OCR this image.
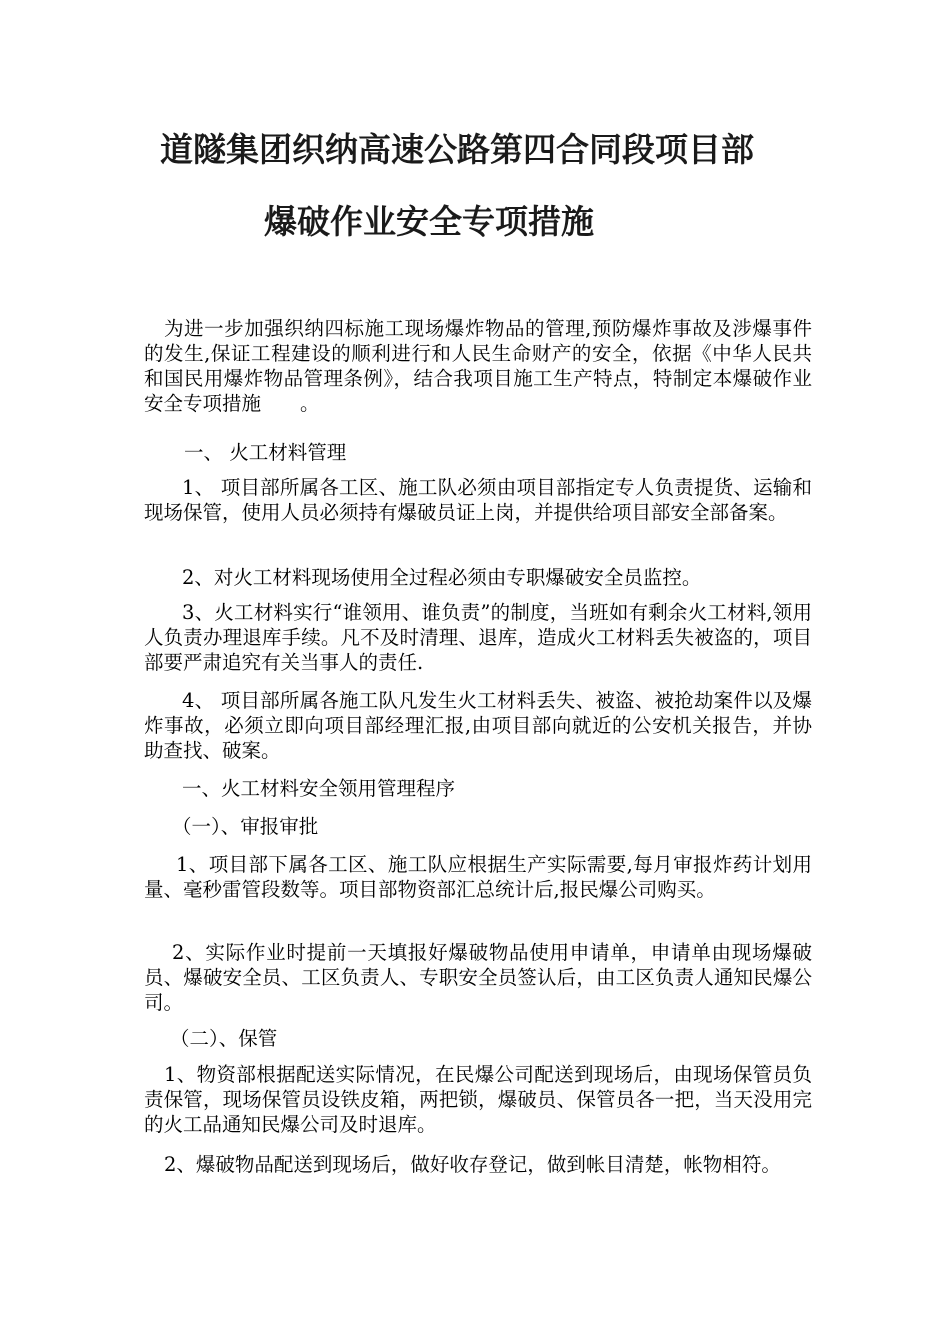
道隧集团织纳高速公路第四合同段项目部
爆破作业安全专项措施

为进一步加强织纳四标施工现场爆炸物品的管理,预防爆炸事故及涉爆事件的发生,保证工程建设的顺利进行和人民生命财产的安全，依据《中华人民共和国民用爆炸物品管理条例》，结合我项目施工生产特点，特制定本爆破作业安全专项措施　　。

一、 火工材料管理

1、 项目部所属各工区、施工队必须由项目部指定专人负责提货、运输和现场保管，使用人员必须持有爆破员证上岗，并提供给项目部安全部备案。

2、对火工材料现场使用全过程必须由专职爆破安全员监控。

3、火工材料实行“谁领用、谁负责”的制度，当班如有剩余火工材料,领用人负责办理退库手续。凡不及时清理、退库，造成火工材料丢失被盗的，项目部要严肃追究有关当事人的责任.

4、 项目部所属各施工队凡发生火工材料丢失、被盗、被抢劫案件以及爆炸事故，必须立即向项目部经理汇报,由项目部向就近的公安机关报告，并协助查找、破案。

一、火工材料安全领用管理程序

（一）、审报审批

1、项目部下属各工区、施工队应根据生产实际需要,每月审报炸药计划用量、毫秒雷管段数等。项目部物资部汇总统计后,报民爆公司购买。

2、实际作业时提前一天填报好爆破物品使用申请单，申请单由现场爆破员、爆破安全员、工区负责人、专职安全员签认后，由工区负责人通知民爆公司。

（二）、保管

1、物资部根据配送实际情况，在民爆公司配送到现场后，由现场保管员负责保管，现场保管员设铁皮箱，两把锁，爆破员、保管员各一把，当天没用完的火工品通知民爆公司及时退库。

2、爆破物品配送到现场后，做好收存登记，做到帐目清楚，帐物相符。
